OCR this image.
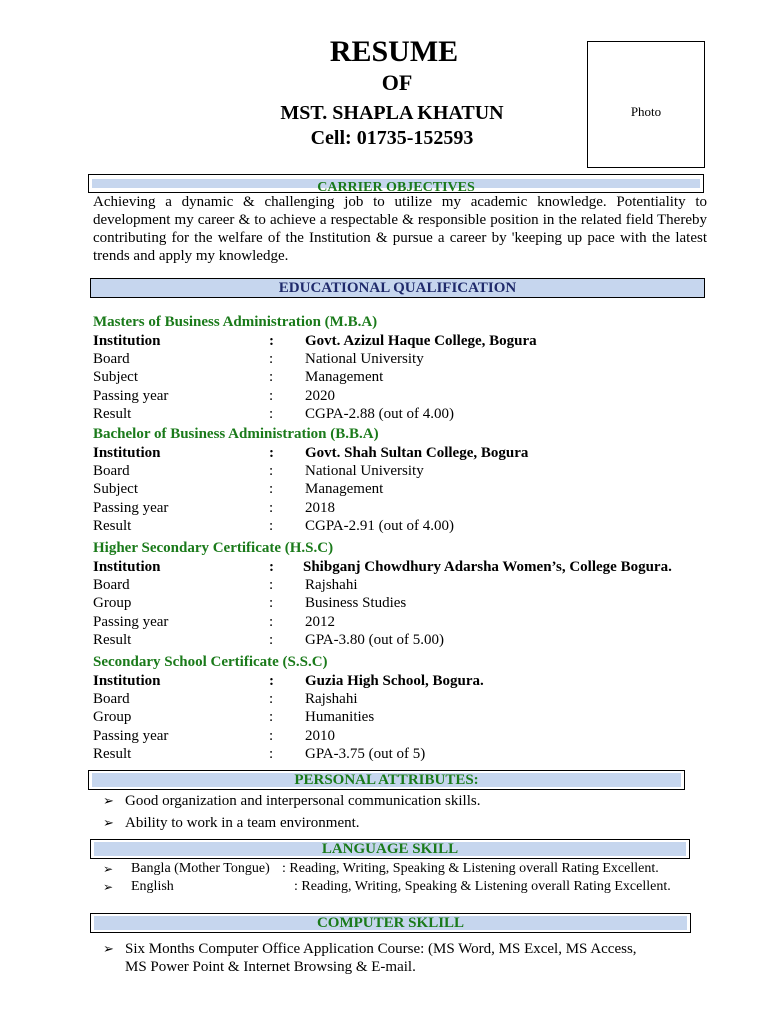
RESUME
OF
MST. SHAPLA KHATUN
Cell: 01735-152593
Photo
CARRIER OBJECTIVES
Achieving a dynamic & challenging job to utilize my academic knowledge. Potentiality to development my career & to achieve a respectable & responsible position in the related field Thereby contributing for the welfare of the Institution & pursue a career by 'keeping up pace with the latest trends and apply my knowledge.
EDUCATIONAL QUALIFICATION
Masters of Business Administration (M.B.A)
Institution	: Govt. Azizul Haque College, Bogura
Board	: National University
Subject	: Management
Passing year	: 2020
Result	: CGPA-2.88 (out of 4.00)
Bachelor of Business Administration (B.B.A)
Institution	: Govt. Shah Sultan College, Bogura
Board	: National University
Subject	: Management
Passing year	: 2018
Result	: CGPA-2.91 (out of 4.00)
Higher Secondary Certificate (H.S.C)
Institution	: Shibganj Chowdhury Adarsha Women’s, College Bogura.
Board	: Rajshahi
Group	: Business Studies
Passing year	: 2012
Result	: GPA-3.80 (out of 5.00)
Secondary School Certificate (S.S.C)
Institution	: Guzia High School, Bogura.
Board	: Rajshahi
Group	: Humanities
Passing year	: 2010
Result	: GPA-3.75 (out of 5)
PERSONAL ATTRIBUTES:
➢ Good organization and interpersonal communication skills.
➢ Ability to work in a team environment.
LANGUAGE SKILL
➢ Bangla (Mother Tongue) : Reading, Writing, Speaking & Listening overall Rating Excellent.
➢ English	: Reading, Writing, Speaking & Listening overall Rating Excellent.
COMPUTER SKLILL
➢ Six Months Computer Office Application Course: (MS Word, MS Excel, MS Access,
MS Power Point & Internet Browsing & E-mail.
